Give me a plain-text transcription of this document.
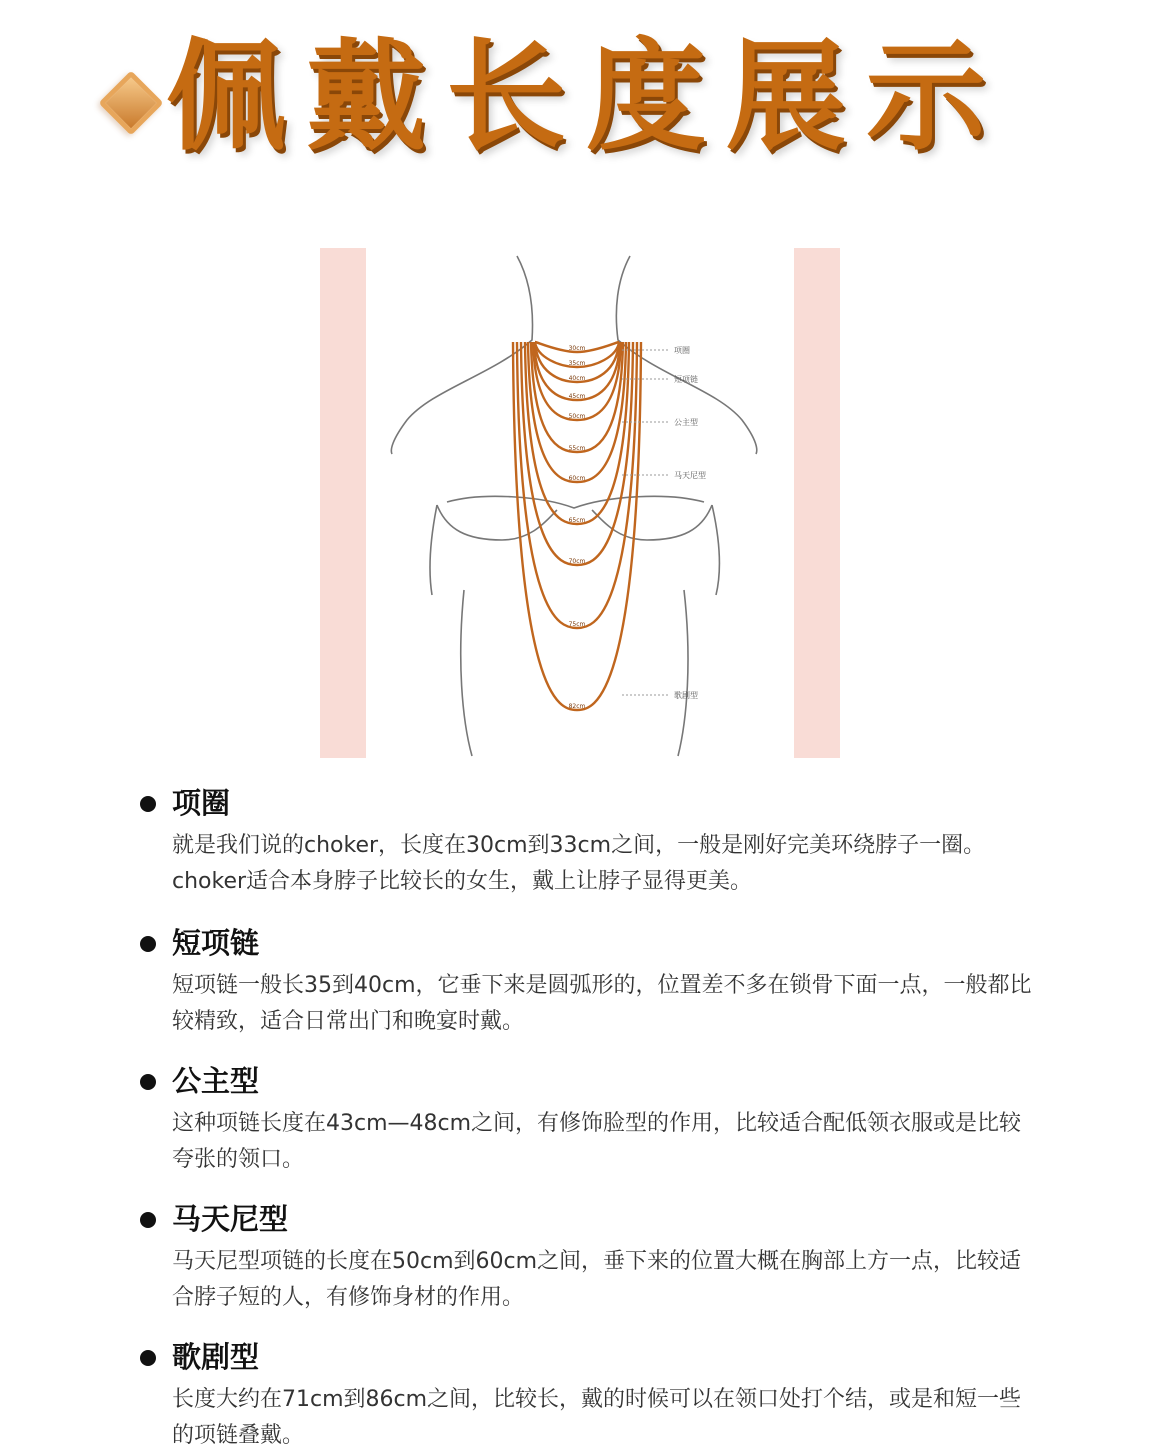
佩戴长度展示
30cm
35cm
40cm
45cm
50cm
55cm
60cm
65cm
70cm
75cm
82cm
项圈
短项链
公主型
马天尼型
歌剧型
项圈
就是我们说的choker，长度在30cm到33cm之间，一般是刚好完美环绕脖子一圈。choker适合本身脖子比较长的女生，戴上让脖子显得更美。
短项链
短项链一般长35到40cm，它垂下来是圆弧形的，位置差不多在锁骨下面一点，一般都比较精致，适合日常出门和晚宴时戴。
公主型
这种项链长度在43cm—48cm之间，有修饰脸型的作用，比较适合配低领衣服或是比较夸张的领口。
马天尼型
马天尼型项链的长度在50cm到60cm之间，垂下来的位置大概在胸部上方一点，比较适合脖子短的人，有修饰身材的作用。
歌剧型
长度大约在71cm到86cm之间，比较长，戴的时候可以在领口处打个结，或是和短一些的项链叠戴。
